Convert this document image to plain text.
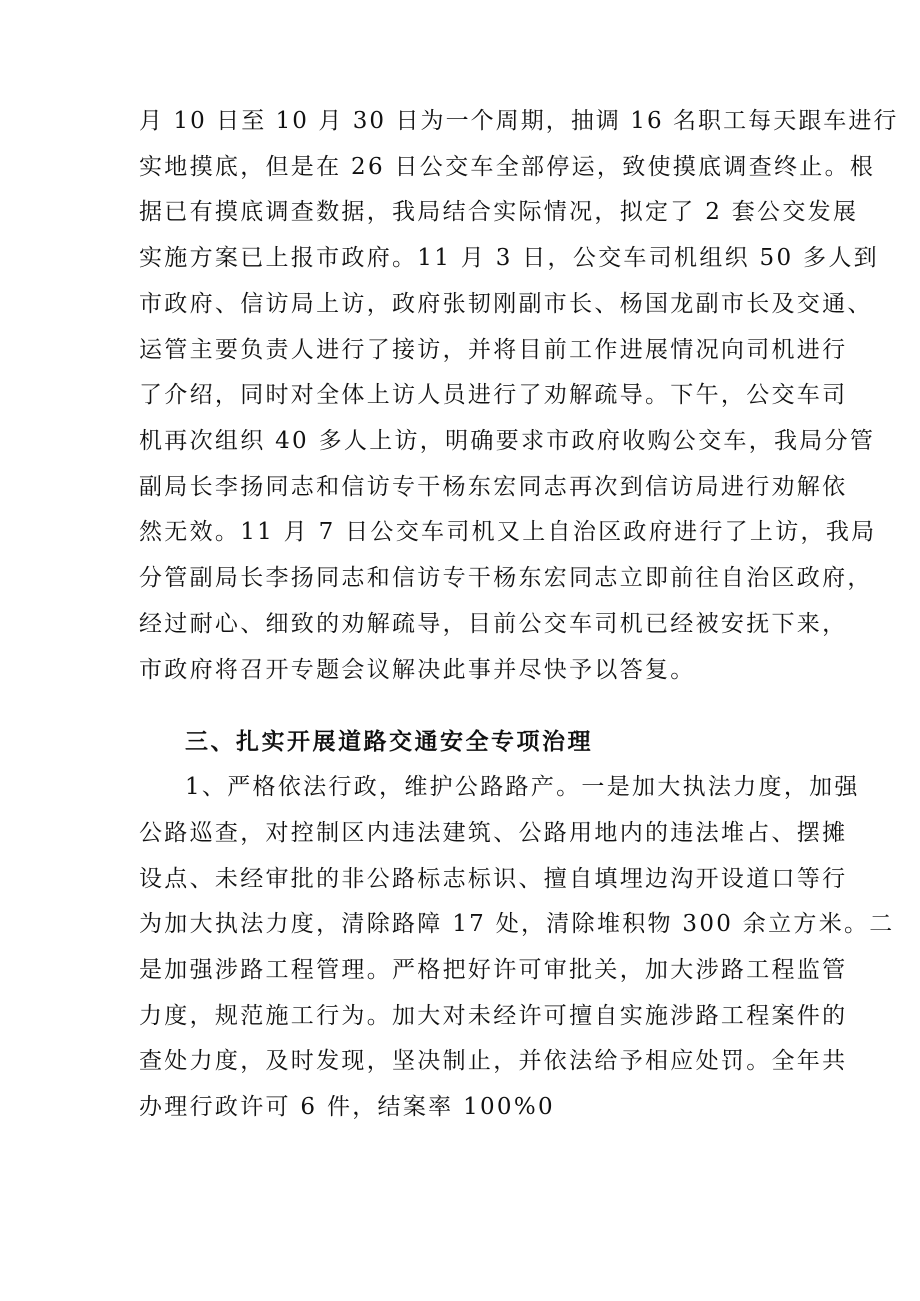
月 10 日至 10 月 30 日为一个周期，抽调 16 名职工每天跟车进行
实地摸底，但是在 26 日公交车全部停运，致使摸底调查终止。根
据已有摸底调查数据，我局结合实际情况，拟定了 2 套公交发展
实施方案已上报市政府。11 月 3 日，公交车司机组织 50 多人到
市政府、信访局上访，政府张韧刚副市长、杨国龙副市长及交通、
运管主要负责人进行了接访，并将目前工作进展情况向司机进行
了介绍，同时对全体上访人员进行了劝解疏导。下午，公交车司
机再次组织 40 多人上访，明确要求市政府收购公交车，我局分管
副局长李扬同志和信访专干杨东宏同志再次到信访局进行劝解依
然无效。11 月 7 日公交车司机又上自治区政府进行了上访，我局
分管副局长李扬同志和信访专干杨东宏同志立即前往自治区政府，
经过耐心、细致的劝解疏导，目前公交车司机已经被安抚下来，
市政府将召开专题会议解决此事并尽快予以答复。
三、扎实开展道路交通安全专项治理
1、严格依法行政，维护公路路产。一是加大执法力度，加强
公路巡查，对控制区内违法建筑、公路用地内的违法堆占、摆摊
设点、未经审批的非公路标志标识、擅自填埋边沟开设道口等行
为加大执法力度，清除路障 17 处，清除堆积物 300 余立方米。二
是加强涉路工程管理。严格把好许可审批关，加大涉路工程监管
力度，规范施工行为。加大对未经许可擅自实施涉路工程案件的
查处力度，及时发现，坚决制止，并依法给予相应处罚。全年共
办理行政许可 6 件，结案率 100%0
